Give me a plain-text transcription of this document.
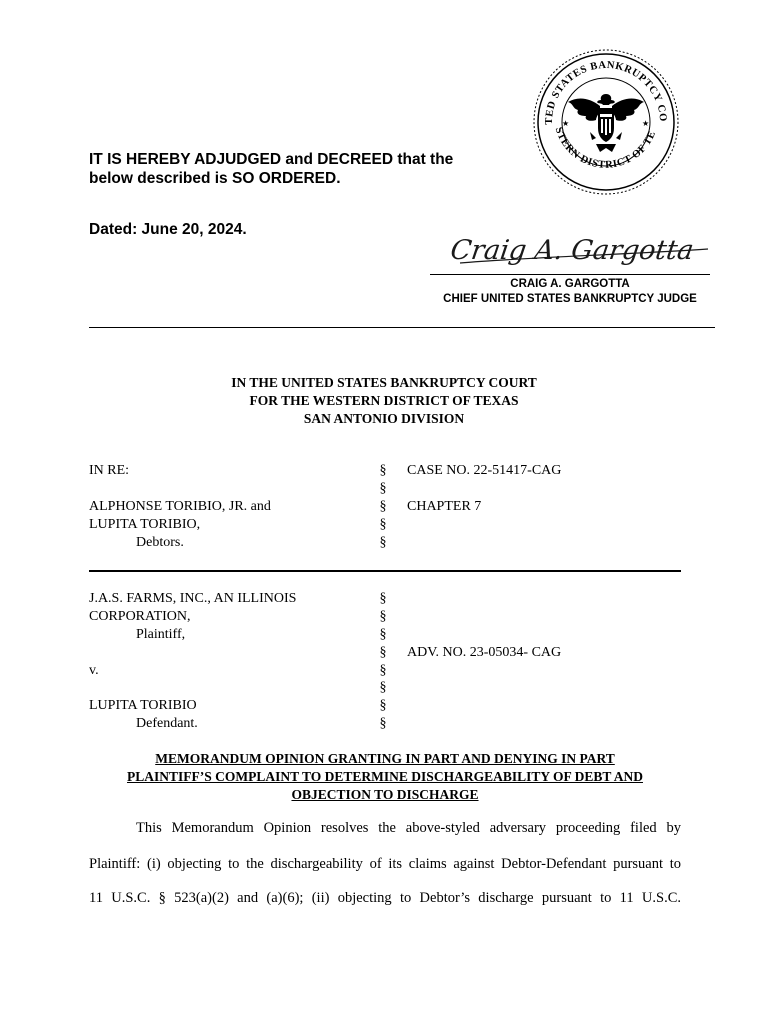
IT IS HEREBY ADJUDGED and DECREED that the
below described is SO ORDERED.
Dated: June 20, 2024.
TED STATES BANKRUPTCY CO
STERN DISTRICT OF TE
★	★
Craig A. Gargotta
CRAIG A. GARGOTTA
CHIEF UNITED STATES BANKRUPTCY JUDGE
IN THE UNITED STATES BANKRUPTCY COURT
FOR THE WESTERN DISTRICT OF TEXAS
SAN ANTONIO DIVISION
IN RE:
ALPHONSE TORIBIO, JR. and
LUPITA TORIBIO,
Debtors.
§
§
§
§
§
CASE NO. 22-51417-CAG
CHAPTER 7
J.A.S. FARMS, INC., AN ILLINOIS
CORPORATION,
Plaintiff,
v.
LUPITA TORIBIO
Defendant.
§
§
§
§
§
§
§
§
ADV. NO. 23-05034- CAG
MEMORANDUM OPINION GRANTING IN PART AND DENYING IN PART
PLAINTIFF’S COMPLAINT TO DETERMINE DISCHARGEABILITY OF DEBT AND
OBJECTION TO DISCHARGE
This Memorandum Opinion resolves the above-styled adversary proceeding filed by
Plaintiff: (i) objecting to the dischargeability of its claims against Debtor-Defendant pursuant to
11 U.S.C. § 523(a)(2) and (a)(6); (ii) objecting to Debtor’s discharge pursuant to 11 U.S.C.
